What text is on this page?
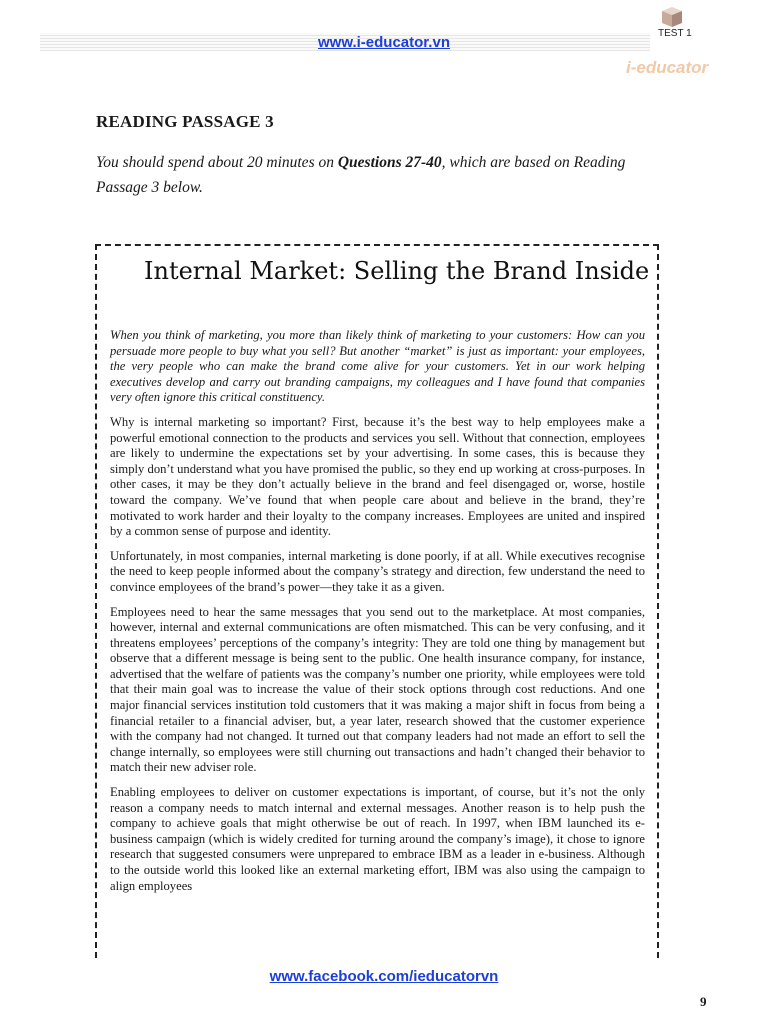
www.i-educator.vn
TEST 1
i-educator
READING PASSAGE 3
You should spend about 20 minutes on Questions 27-40, which are based on Reading Passage 3 below.
Internal Market: Selling the Brand Inside

When you think of marketing, you more than likely think of marketing to your customers: How can you persuade more people to buy what you sell? But another “market” is just as important: your employees, the very people who can make the brand come alive for your customers. Yet in our work helping executives develop and carry out branding campaigns, my colleagues and I have found that companies very often ignore this critical constituency.

Why is internal marketing so important? First, because it’s the best way to help employees make a powerful emotional connection to the products and services you sell. Without that connection, employees are likely to undermine the expectations set by your advertising. In some cases, this is because they simply don’t understand what you have promised the public, so they end up working at cross-purposes. In other cases, it may be they don’t actually believe in the brand and feel disengaged or, worse, hostile toward the company. We’ve found that when people care about and believe in the brand, they’re motivated to work harder and their loyalty to the company increases. Employees are united and inspired by a common sense of purpose and identity.

Unfortunately, in most companies, internal marketing is done poorly, if at all. While executives recognise the need to keep people informed about the company’s strategy and direction, few understand the need to convince employees of the brand’s power—they take it as a given.

Employees need to hear the same messages that you send out to the marketplace. At most companies, however, internal and external communications are often mismatched. This can be very confusing, and it threatens employees’ perceptions of the company’s integrity: They are told one thing by management but observe that a different message is being sent to the public. One health insurance company, for instance, advertised that the welfare of patients was the company’s number one priority, while employees were told that their main goal was to increase the value of their stock options through cost reductions. And one major financial services institution told customers that it was making a major shift in focus from being a financial retailer to a financial adviser, but, a year later, research showed that the customer experience with the company had not changed. It turned out that company leaders had not made an effort to sell the change internally, so employees were still churning out transactions and hadn’t changed their behavior to match their new adviser role.

Enabling employees to deliver on customer expectations is important, of course, but it’s not the only reason a company needs to match internal and external messages. Another reason is to help push the company to achieve goals that might otherwise be out of reach. In 1997, when IBM launched its e-business campaign (which is widely credited for turning around the company’s image), it chose to ignore research that suggested consumers were unprepared to embrace IBM as a leader in e-business. Although to the outside world this looked like an external marketing effort, IBM was also using the campaign to align employees

www.facebook.com/ieducatorvn
9
